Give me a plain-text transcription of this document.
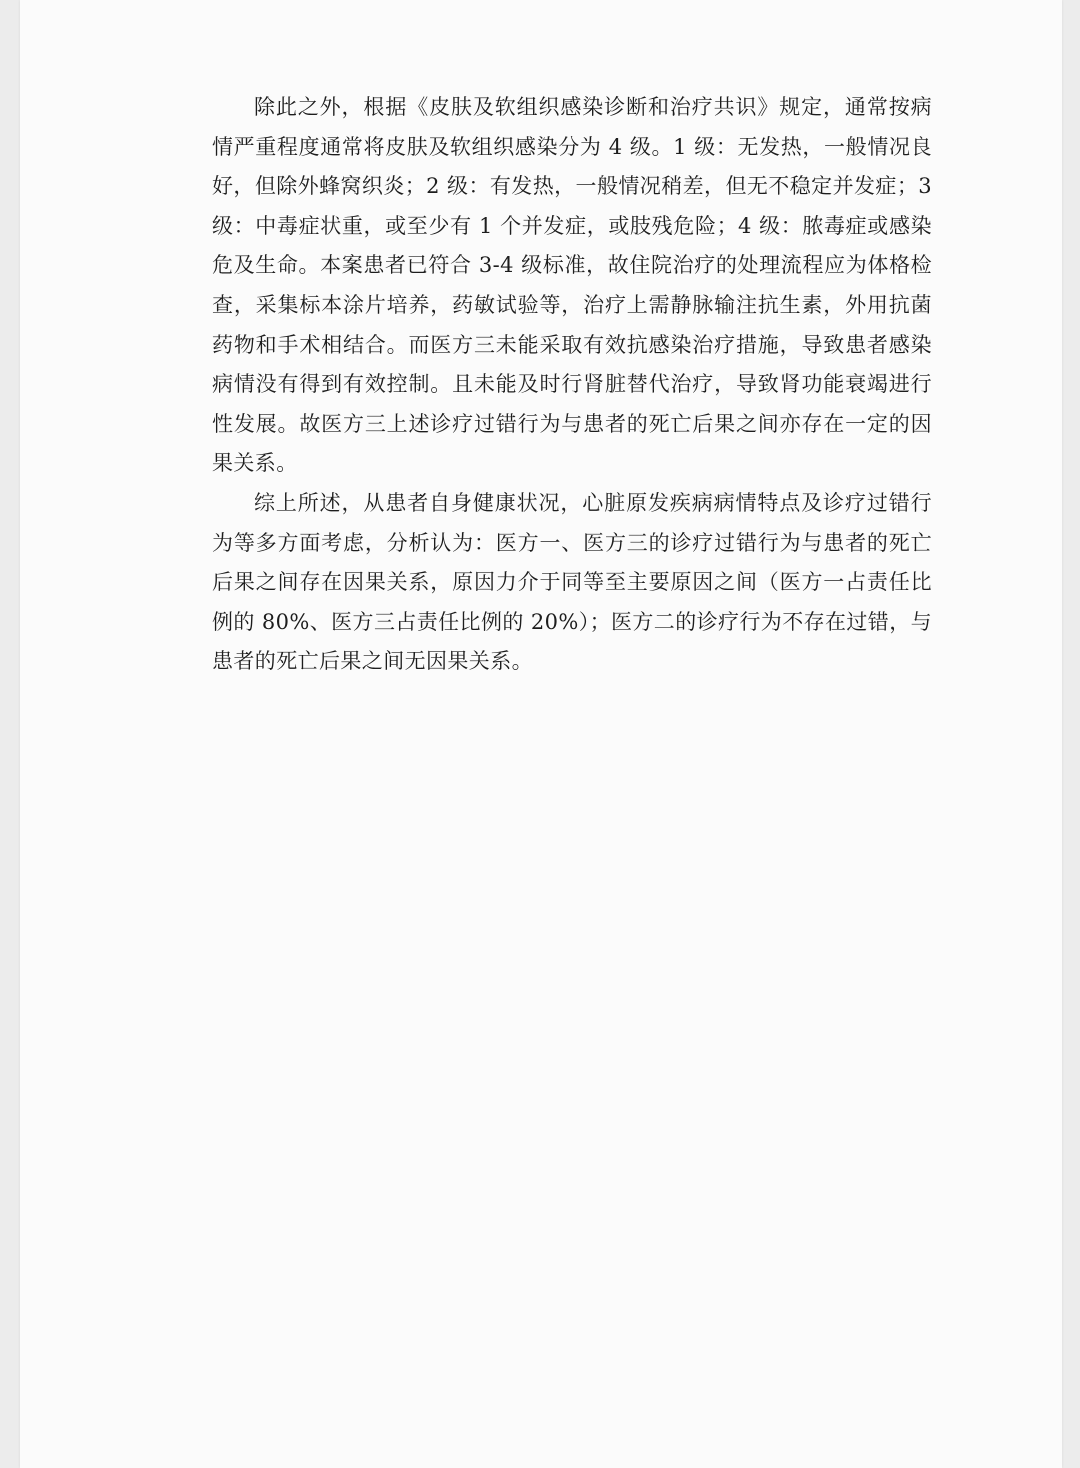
除此之外，根据《皮肤及软组织感染诊断和治疗共识》规定，通常按病情严重程度通常将皮肤及软组织感染分为 4 级。1 级：无发热，一般情况良好，但除外蜂窝织炎；2 级：有发热，一般情况稍差，但无不稳定并发症；3 级：中毒症状重，或至少有 1 个并发症，或肢残危险；4 级：脓毒症或感染危及生命。本案患者已符合 3-4 级标准，故住院治疗的处理流程应为体格检查，采集标本涂片培养，药敏试验等，治疗上需静脉输注抗生素，外用抗菌药物和手术相结合。而医方三未能采取有效抗感染治疗措施，导致患者感染病情没有得到有效控制。且未能及时行肾脏替代治疗，导致肾功能衰竭进行性发展。故医方三上述诊疗过错行为与患者的死亡后果之间亦存在一定的因果关系。

综上所述，从患者自身健康状况，心脏原发疾病病情特点及诊疗过错行为等多方面考虑，分析认为：医方一、医方三的诊疗过错行为与患者的死亡后果之间存在因果关系，原因力介于同等至主要原因之间（医方一占责任比例的 80%、医方三占责任比例的 20%）；医方二的诊疗行为不存在过错，与患者的死亡后果之间无因果关系。
